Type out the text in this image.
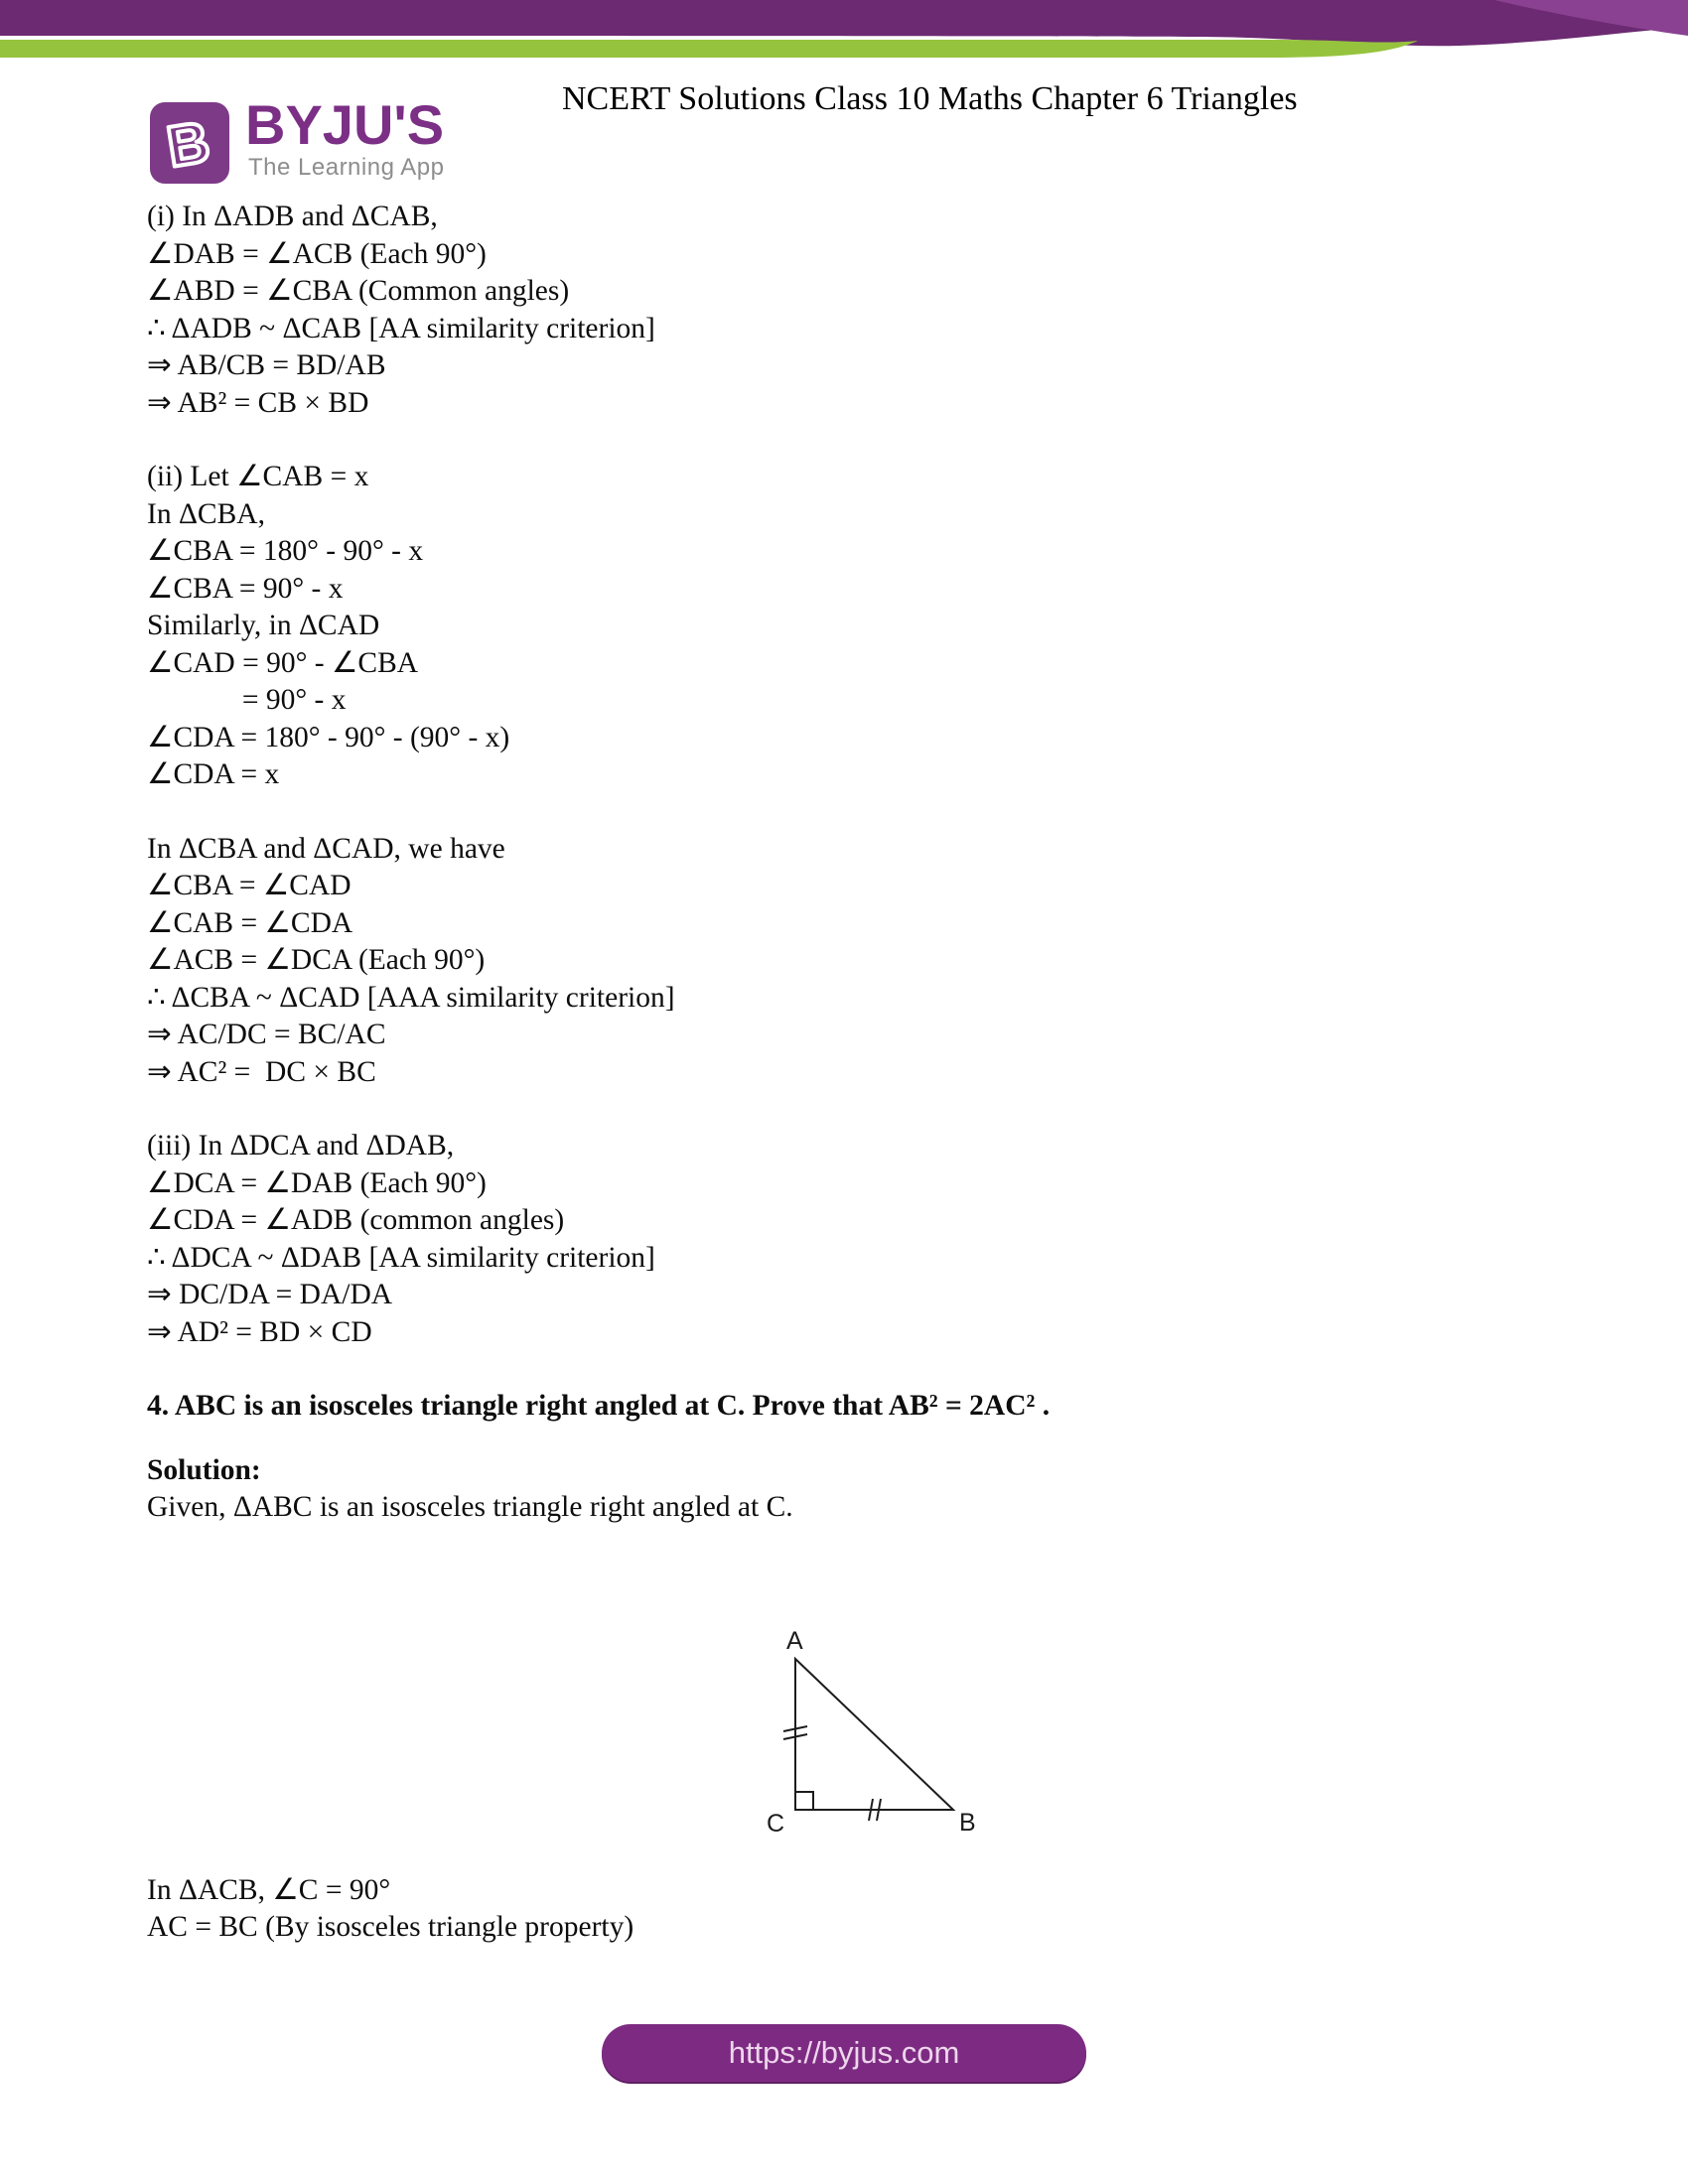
B BYJU'S
The Learning App
NCERT Solutions Class 10 Maths Chapter 6 Triangles
(i) In ΔADB and ΔCAB,
∠DAB = ∠ACB (Each 90°)
∠ABD = ∠CBA (Common angles)
∴ ΔADB ~ ΔCAB [AA similarity criterion]
⇒ AB/CB = BD/AB
⇒ AB² = CB × BD
(ii) Let ∠CAB = x
In ΔCBA,
∠CBA = 180° - 90° - x
∠CBA = 90° - x
Similarly, in ΔCAD
∠CAD = 90° - ∠CBA
= 90° - x
∠CDA = 180° - 90° - (90° - x)
∠CDA = x
In ΔCBA and ΔCAD, we have
∠CBA = ∠CAD
∠CAB = ∠CDA
∠ACB = ∠DCA (Each 90°)
∴ ΔCBA ~ ΔCAD [AAA similarity criterion]
⇒ AC/DC = BC/AC
⇒ AC² =  DC × BC
(iii) In ΔDCA and ΔDAB,
∠DCA = ∠DAB (Each 90°)
∠CDA = ∠ADB (common angles)
∴ ΔDCA ~ ΔDAB [AA similarity criterion]
⇒ DC/DA = DA/DA
⇒ AD² = BD × CD
4. ABC is an isosceles triangle right angled at C. Prove that AB² = 2AC² .
Solution:
Given, ΔABC is an isosceles triangle right angled at C.
A
C	B
In ΔACB, ∠C = 90°
AC = BC (By isosceles triangle property)
https://byjus.com
